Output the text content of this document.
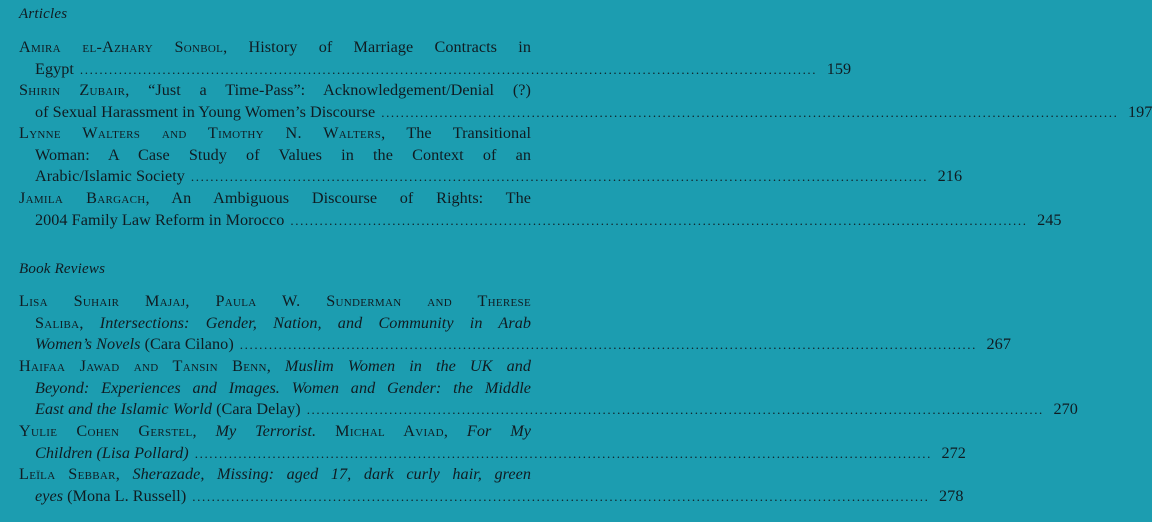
Articles
Amira el-Azhary Sonbol, History of Marriage Contracts in
Egypt ........................................................................................................................................................ 159
Shirin Zubair, “Just a Time-Pass”: Acknowledgement/Denial (?)
of Sexual Harassment in Young Women’s Discourse ........................................................................................................................................................ 197
Lynne Walters and Timothy N. Walters, The Transitional
Woman: A Case Study of Values in the Context of an
Arabic/Islamic Society ........................................................................................................................................................ 216
Jamila Bargach, An Ambiguous Discourse of Rights: The
2004 Family Law Reform in Morocco ........................................................................................................................................................ 245
Book Reviews
Lisa Suhair Majaj, Paula W. Sunderman and Therese
Saliba, Intersections: Gender, Nation, and Community in Arab
Women’s Novels (Cara Cilano) ........................................................................................................................................................ 267
Haifaa Jawad and Tansin Benn, Muslim Women in the UK and
Beyond: Experiences and Images. Women and Gender: the Middle
East and the Islamic World (Cara Delay) ........................................................................................................................................................ 270
Yulie Cohen Gerstel, My Terrorist. Michal Aviad, For My
Children (Lisa Pollard) ........................................................................................................................................................ 272
Leïla Sebbar, Sherazade, Missing: aged 17, dark curly hair, green
eyes (Mona L. Russell) ........................................................................................................................................................ 278
